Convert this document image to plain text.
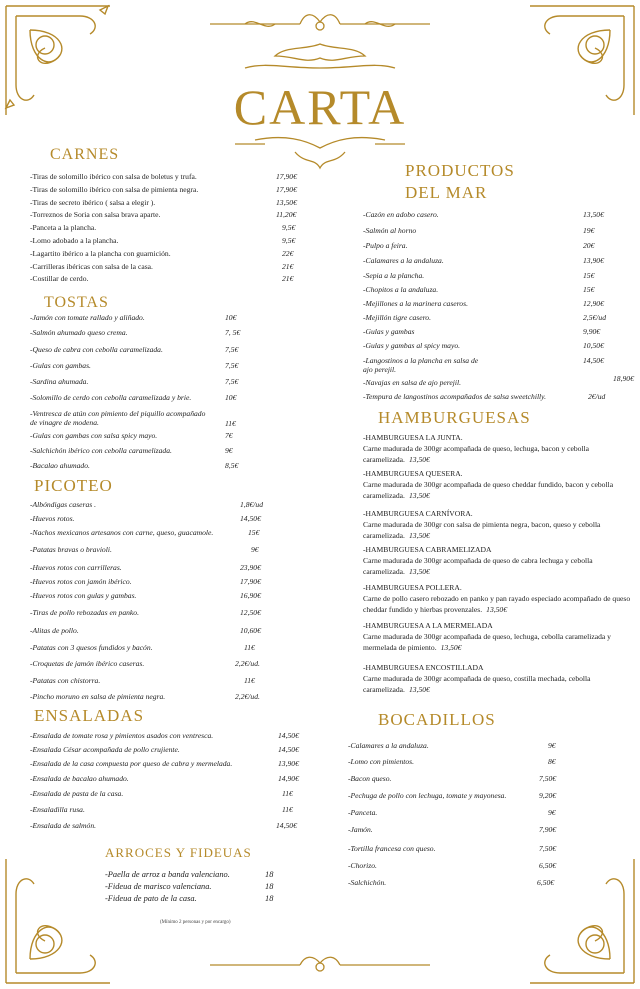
CARTA
CARNES
-Tiras de solomillo ibérico con salsa de boletus y trufa.	17,90€
-Tiras de solomillo ibérico con salsa de pimienta negra.	17,90€
-Tiras de secreto ibérico ( salsa a elegir ).	13,50€
-Torreznos de Soria con salsa brava aparte.	11,20€
-Panceta a la plancha.	9,5€
-Lomo adobado a la plancha.	9,5€
-Lagartito ibérico a la plancha con guarnición.	22€
-Carrilleras ibéricas con salsa de la casa.	21€
-Costillar de cerdo.	21€
TOSTAS
-Jamón con tomate rallado y aliñado.	10€
-Salmón ahumado queso crema.	7, 5€
-Queso de cabra con cebolla caramelizada.	7,5€
-Gulas con gambas.	7,5€
-Sardina ahumada.	7,5€
-Solomillo de cerdo con cebolla caramelizada y brie.	10€
-Ventresca de atún con pimiento del piquillo acompañado de vinagre de modena.	11€
-Gulas con gambas con salsa spicy mayo.	7€
-Salchichón ibérico con cebolla caramelizada.	9€
-Bacalao ahumado.	8,5€
PICOTEO
-Albóndigas caseras .	1,8€/ud
-Huevos rotos.	14,50€
-Nachos mexicanos artesanos con carne, queso, guacamole.	15€
-Patatas bravas o bravioli.	9€
-Huevos rotos con carrilleras.	23,90€
-Huevos rotos con jamón ibérico.	17,90€
-Huevos rotos con gulas y gambas.	16,90€
-Tiras de pollo rebozadas en panko.	12,50€
-Alitas de pollo.	10,60€
-Patatas con 3 quesos fundidos y bacón.	11€
-Croquetas de jamón ibérico caseras.	2,2€/ud.
-Patatas con chistorra.	11€
-Pincho moruno en salsa de pimienta negra.	2,2€/ud.
ENSALADAS
-Ensalada de tomate rosa y pimientos asados con ventresca.	14,50€
-Ensalada César acompañada de pollo crujiente.	14,50€
-Ensalada de la casa compuesta por queso de cabra y mermelada.	13,90€
-Ensalada de bacalao ahumado.	14,90€
-Ensalada de pasta de la casa.	11€
-Ensaladilla rusa.	11€
-Ensalada de salmón.	14,50€
ARROCES Y FIDEUAS
-Paella de arroz a banda valenciano.	18
-Fideua de marisco valenciana.	18
-Fideua de pato de la casa.	18
(Mínimo 2 personas y por encargo)
PRODUCTOS
DEL MAR
-Cazón en adobo casero.	13,50€
-Salmón al horno	19€
-Pulpo a feira.	20€
-Calamares a la andaluza.	13,90€
-Sepia a la plancha.	15€
-Chopitos a la andaluza.	15€
-Mejillones a la marinera caseros.	12,90€
-Mejillón tigre casero.	2,5€/ud
-Gulas y gambas	9,90€
-Gulas y gambas al spicy mayo.	10,50€
-Langostinos a la plancha en salsa de ajo perejil.
14,50€
-Navajas en salsa de ajo perejil.	18,90€
-Tempura de langostinos acompañados de salsa sweetchilly.	2€/ud
HAMBURGUESAS
-HAMBURGUESA LA JUNTA.
Carne madurada de 300gr acompañada de queso, lechuga, bacon y cebolla caramelizada. 13,50€
-HAMBURGUESA QUESERA.
Carne madurada de 300gr acompañada de queso cheddar fundido, bacon y cebolla caramelizada. 13,50€
-HAMBURGUESA CARNÍVORA.
Carne madurada de 300gr con salsa de pimienta negra, bacon, queso y cebolla caramelizada. 13,50€
-HAMBURGUESA CABRAMELIZADA
Carne madurada de 300gr acompañada de queso de cabra lechuga y cebolla caramelizada. 13,50€
-HAMBURGUESA POLLERA.
Carne de pollo casero rebozado en panko y pan rayado especiado acompañado de queso cheddar fundido y hierbas provenzales. 13,50€
-HAMBURGUESA A LA MERMELADA
Carne madurada de 300gr acompañada de queso, lechuga, cebolla caramelizada y mermelada de pimiento. 13,50€
-HAMBURGUESA ENCOSTILLADA
Carne madurada de 300gr acompañada de queso, costilla mechada, cebolla caramelizada. 13,50€
BOCADILLOS
-Calamares a la andaluza.	9€
-Lomo con pimientos.	8€
-Bacon queso.	7,50€
-Pechuga de pollo con lechuga, tomate y mayonesa.	9,20€
-Panceta.	9€
-Jamón.	7,90€
-Tortilla francesa con queso.	7,50€
-Chorizo.	6,50€
-Salchichón.	6,50€
